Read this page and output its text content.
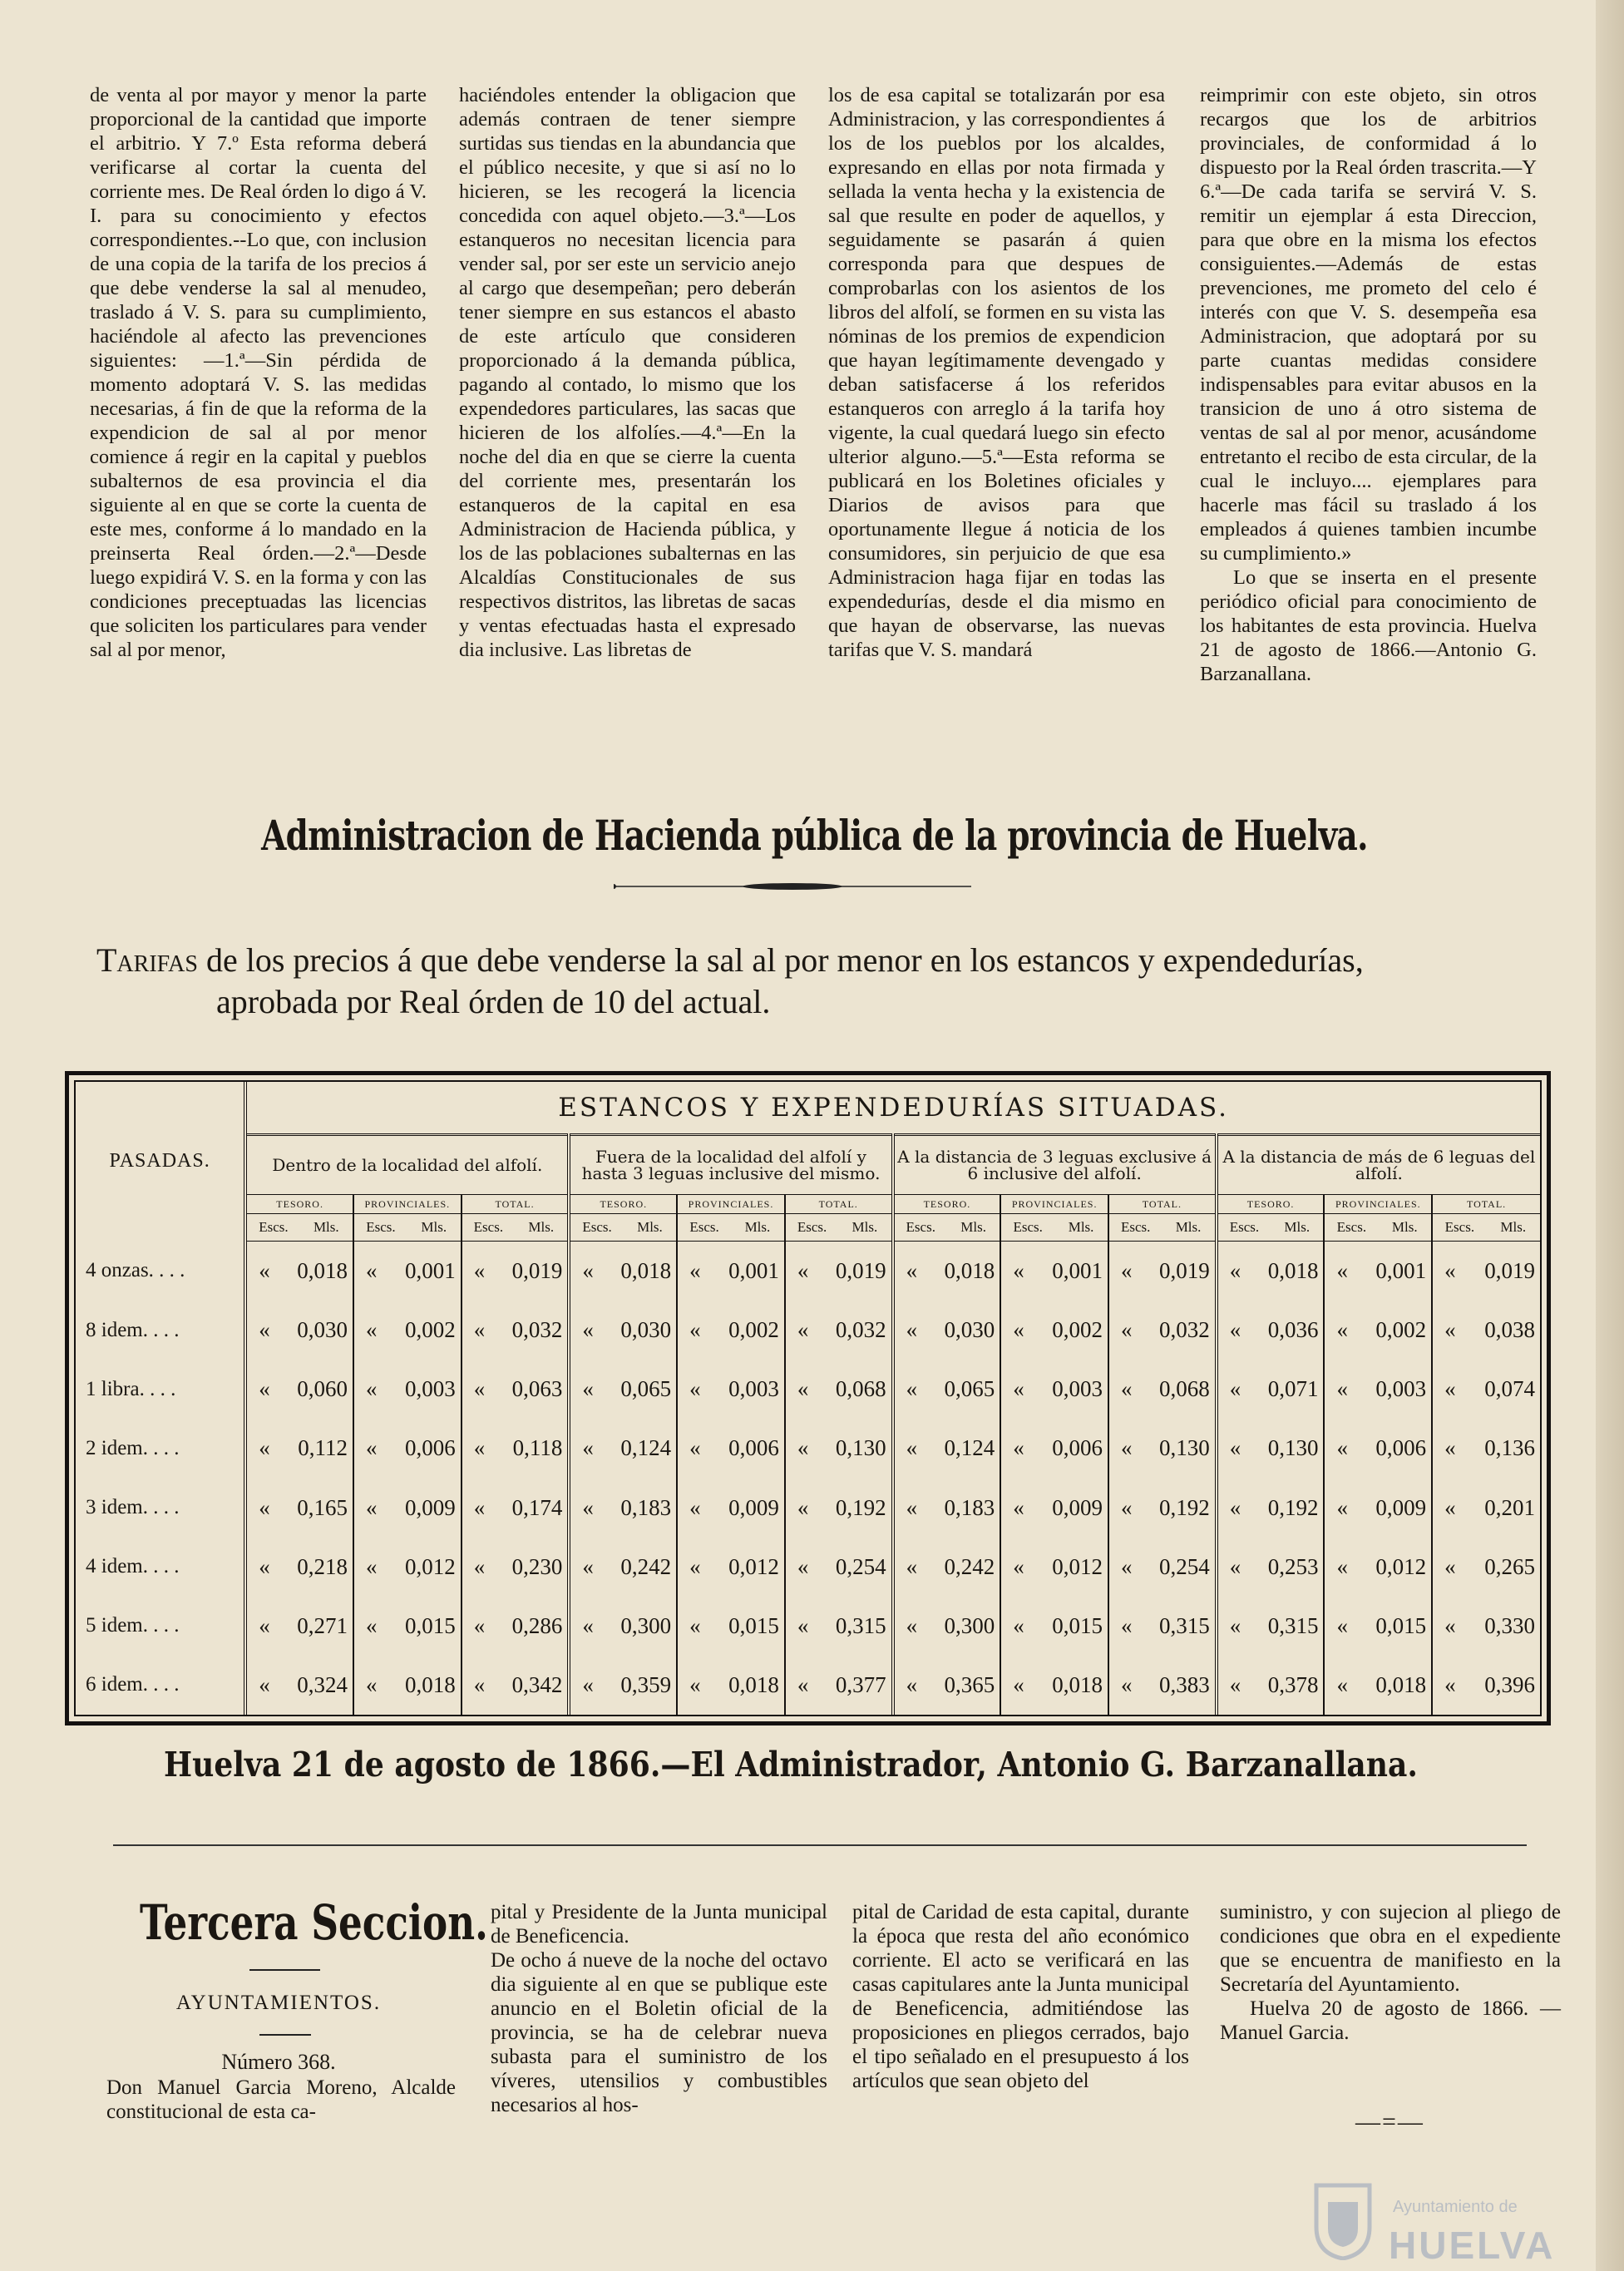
de venta al por mayor y menor la parte proporcional de la cantidad que importe el arbitrio. Y 7.º Esta reforma deberá verificarse al cortar la cuenta del corriente mes. De Real órden lo digo á V. I. para su conocimiento y efectos correspondientes.--Lo que, con inclusion de una copia de la tarifa de los precios á que debe venderse la sal al menudeo, traslado á V. S. para su cumplimiento, haciéndole al afecto las prevenciones siguientes: —1.ª—Sin pérdida de momento adoptará V. S. las medidas necesarias, á fin de que la reforma de la expendicion de sal al por menor comience á regir en la capital y pueblos subalternos de esa provincia el dia siguiente al en que se corte la cuenta de este mes, conforme á lo mandado en la preinserta Real órden.—2.ª—Desde luego expidirá V. S. en la forma y con las condiciones preceptuadas las licencias que soliciten los particulares para vender sal al por menor,

haciéndoles entender la obligacion que además contraen de tener siempre surtidas sus tiendas en la abundancia que el público necesite, y que si así no lo hicieren, se les recogerá la licencia concedida con aquel objeto.—3.ª—Los estanqueros no necesitan licencia para vender sal, por ser este un servicio anejo al cargo que desempeñan; pero deberán tener siempre en sus estancos el abasto de este artículo que consideren proporcionado á la demanda pública, pagando al contado, lo mismo que los expendedores particulares, las sacas que hicieren de los alfolíes.—4.ª—En la noche del dia en que se cierre la cuenta del corriente mes, presentarán los estanqueros de la capital en esa Administracion de Hacienda pública, y los de las poblaciones subalternas en las Alcaldías Constitucionales de sus respectivos distritos, las libretas de sacas y ventas efectuadas hasta el expresado dia inclusive. Las libretas de

los de esa capital se totalizarán por esa Administracion, y las correspondientes á los de los pueblos por los alcaldes, expresando en ellas por nota firmada y sellada la venta hecha y la existencia de sal que resulte en poder de aquellos, y seguidamente se pasarán á quien corresponda para que despues de comprobarlas con los asientos de los libros del alfolí, se formen en su vista las nóminas de los premios de expendicion que hayan legítimamente devengado y deban satisfacerse á los referidos estanqueros con arreglo á la tarifa hoy vigente, la cual quedará luego sin efecto ulterior alguno.—5.ª—Esta reforma se publicará en los Boletines oficiales y Diarios de avisos para que oportunamente llegue á noticia de los consumidores, sin perjuicio de que esa Administracion haga fijar en todas las expendedurías, desde el dia mismo en que hayan de observarse, las nuevas tarifas que V. S. mandará

reimprimir con este objeto, sin otros recargos que los de arbitrios provinciales, de conformidad á lo dispuesto por la Real órden trascrita.—Y 6.ª—De cada tarifa se servirá V. S. remitir un ejemplar á esta Direccion, para que obre en la misma los efectos consiguientes.—Además de estas prevenciones, me prometo del celo é interés con que V. S. desempeña esa Administracion, que adoptará por su parte cuantas medidas considere indispensables para evitar abusos en la transicion de uno á otro sistema de ventas de sal al por menor, acusándome entretanto el recibo de esta circular, de la cual le incluyo.... ejemplares para hacerle mas fácil su traslado á los empleados á quienes tambien incumbe su cumplimiento.»

Lo que se inserta en el presente periódico oficial para conocimiento de los habitantes de esta provincia. Huelva 21 de agosto de 1866.—Antonio G. Barzanallana.

Administracion de Hacienda pública de la provincia de Huelva.
Tarifas de los precios á que debe venderse la sal al por menor en los estancos y expendedurías,
aprobada por Real órden de 10 del actual.
PASADAS.	ESTANCOS Y EXPENDEDURÍAS SITUADAS.											
	Dentro de la localidad del alfolí.			Fuera de la localidad del alfolí y hasta 3 leguas inclusive del mismo.			A la distancia de 3 leguas exclusive á 6 inclusive del alfolí.			A la distancia de más de 6 leguas del alfolí.		
	TESORO.	PROVINCIALES.	TOTAL.	TESORO.	PROVINCIALES.	TOTAL.	TESORO.	PROVINCIALES.	TOTAL.	TESORO.	PROVINCIALES.	TOTAL.
	Escs. Mls.	Escs. Mls.	Escs. Mls.	Escs. Mls.	Escs. Mls.	Escs. Mls.	Escs. Mls.	Escs. Mls.	Escs. Mls.	Escs. Mls.	Escs. Mls.	Escs. Mls.
4 onzas. . . .	« 0,018	« 0,001	« 0,019	« 0,018	« 0,001	« 0,019	« 0,018	« 0,001	« 0,019	« 0,018	« 0,001	« 0,019
8 idem. . . .	« 0,030	« 0,002	« 0,032	« 0,030	« 0,002	« 0,032	« 0,030	« 0,002	« 0,032	« 0,036	« 0,002	« 0,038
1 libra. . . .	« 0,060	« 0,003	« 0,063	« 0,065	« 0,003	« 0,068	« 0,065	« 0,003	« 0,068	« 0,071	« 0,003	« 0,074
2 idem. . . .	« 0,112	« 0,006	« 0,118	« 0,124	« 0,006	« 0,130	« 0,124	« 0,006	« 0,130	« 0,130	« 0,006	« 0,136
3 idem. . . .	« 0,165	« 0,009	« 0,174	« 0,183	« 0,009	« 0,192	« 0,183	« 0,009	« 0,192	« 0,192	« 0,009	« 0,201
4 idem. . . .	« 0,218	« 0,012	« 0,230	« 0,242	« 0,012	« 0,254	« 0,242	« 0,012	« 0,254	« 0,253	« 0,012	« 0,265
5 idem. . . .	« 0,271	« 0,015	« 0,286	« 0,300	« 0,015	« 0,315	« 0,300	« 0,015	« 0,315	« 0,315	« 0,015	« 0,330
6 idem. . . .	« 0,324	« 0,018	« 0,342	« 0,359	« 0,018	« 0,377	« 0,365	« 0,018	« 0,383	« 0,378	« 0,018	« 0,396
Huelva 21 de agosto de 1866.—El Administrador, Antonio G. Barzanallana.
Tercera Seccion.
AYUNTAMIENTOS.
Número 368.

Don Manuel Garcia Moreno, Alcalde constitucional de esta ca-

pital y Presidente de la Junta municipal de Beneficencia.

De ocho á nueve de la noche del octavo dia siguiente al en que se publique este anuncio en el Boletin oficial de la provincia, se ha de celebrar nueva subasta para el suministro de los víveres, utensilios y combustibles necesarios al hos-

pital de Caridad de esta capital, durante la época que resta del año económico corriente. El acto se verificará en las casas capitulares ante la Junta municipal de Beneficencia, admitiéndose las proposiciones en pliegos cerrados, bajo el tipo señalado en el presupuesto á los artículos que sean objeto del

suministro, y con sujecion al pliego de condiciones que obra en el expediente que se encuentra de manifiesto en la Secretaría del Ayuntamiento.

Huelva 20 de agosto de 1866. —Manuel Garcia.

—=—
Ayuntamiento de
HUELVA
